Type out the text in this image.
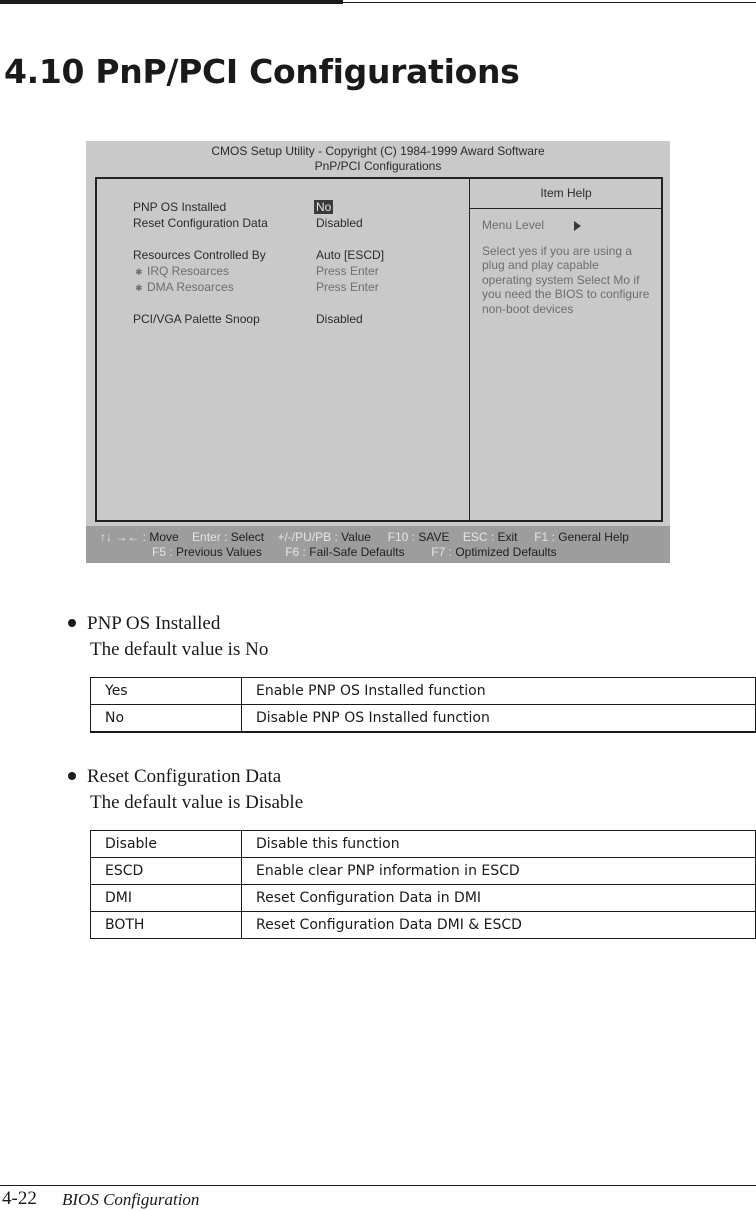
4.10 PnP/PCI Configurations
CMOS Setup Utility - Copyright (C) 1984-1999 Award Software
PnP/PCI Configurations
PNP OS Installed	No
Reset Configuration Data	Disabled
Resources Controlled By	Auto [ESCD]
✱ IRQ Resoarces	Press Enter
✱ DMA Resoarces	Press Enter
PCI/VGA Palette Snoop	Disabled
Item Help
Menu Level
Select yes if you are using a plug and play capable operating system Select Mo if you need the BIOS to configure non-boot devices
↑↓ →← : Move Enter : Select +/-/PU/PB : Value F10 : SAVE ESC : Exit F1 : General Help
F5 : Previous Values F6 : Fail-Safe Defaults F7 : Optimized Defaults
PNP OS Installed
The default value is No
Yes	Enable PNP OS Installed function
No	Disable PNP OS Installed function
Reset Configuration Data
The default value is Disable
Disable	Disable this function
ESCD	Enable clear PNP information in ESCD
DMI	Reset Configuration Data in DMI
BOTH	Reset Configuration Data DMI & ESCD
4-22 BIOS Configuration
